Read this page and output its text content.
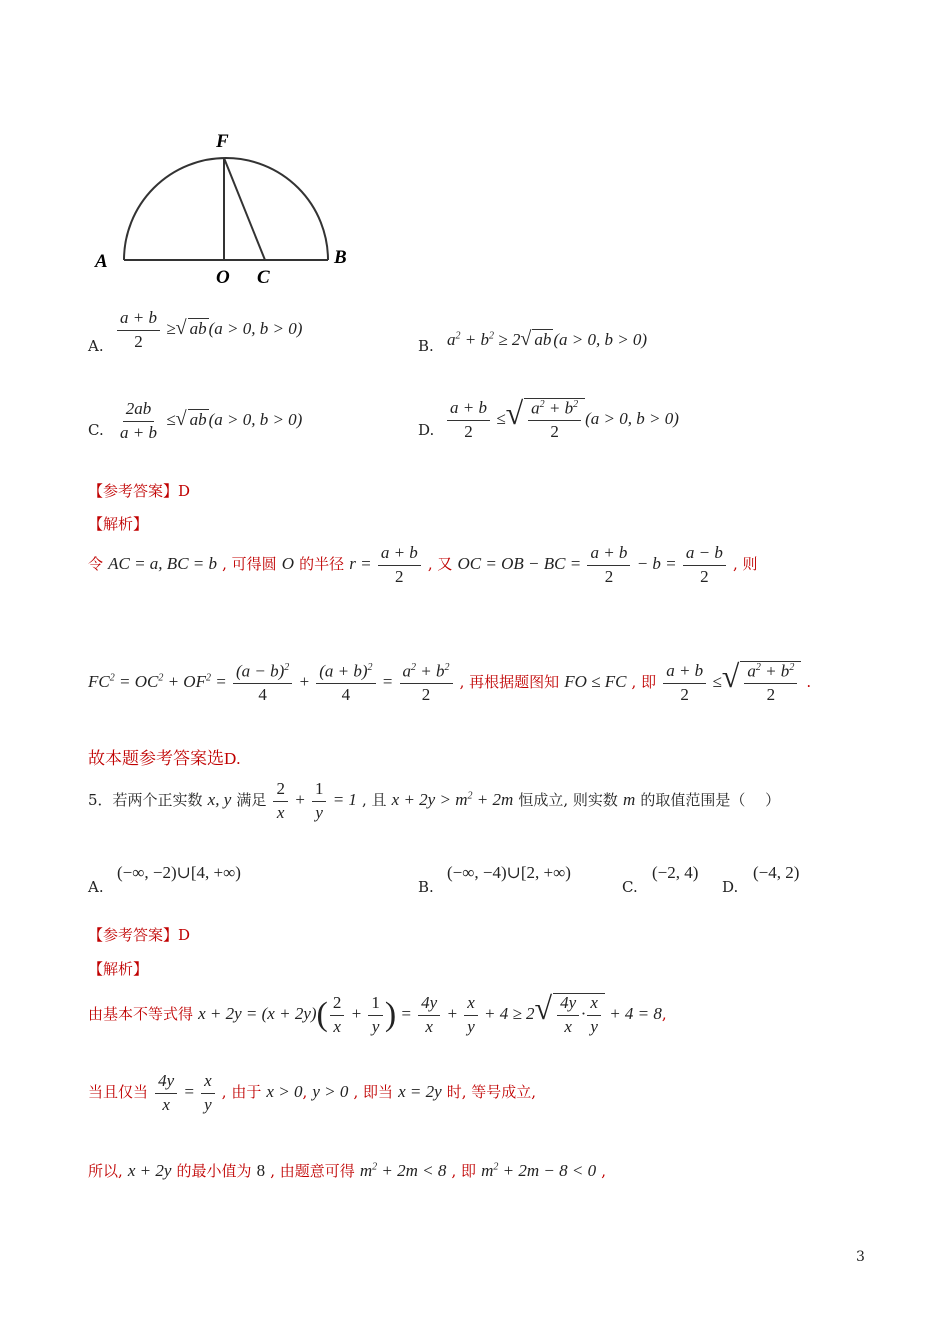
F
A
O C
B
A. $\frac{a + b}{2}$ ≥√ ab (a > 0, b > 0)
B. $a^2 + b^2 \ge 2√$ ab (a > 0, b > 0)
C. $\frac{2ab}{a + b}$ ≤√ ab (a > 0, b > 0)
D. $\frac{a + b}{2}$ ≤√ $\frac{a^2 + b^2}{2} (a > 0$, b > 0)
【参考答案】D
【解析】
令 AC = a, BC = b , 可得圆 O 的半径 $r = \frac{a + b}{2}$ , 又 OC = OB − BC = $\frac{a + b}{2} - b = \frac{a - b}{2}$ , 则
$FC^2 = OC^2 + OF^2 = \frac{(a - b)^2}{4} + \frac{(a + b)^2}{4} = \frac{a^2 + b^2}{2}$ , 再根据题图知 FO ≤ FC , 即 $\frac{a + b}{2}$ ≤√ $\frac{a^2 + b^2}{2}$ .
故本题参考答案选D.
5．若两个正实数 x, y 满足 $\frac{2}{x} + \frac{1}{y} = 1$ , 且 $x + 2y > m^2 + 2m$ 恒成立, 则实数 m 的取值范围是（　 ）
A.
(−∞, −2)∪[4, +∞)
B.
(−∞, −4)∪[2, +∞)
C.
(−2, 4)
D.
(−4, 2)
【参考答案】D
【解析】
由基本不等式得 $x + 2y = (x + 2y)( \frac{2}{x} + \frac{1}{y}$ ) = $\frac{4y}{x} + \frac{x}{y} + 4 \ge 2√ \frac{4y}{x} \cdot \frac{x}{y} + 4 = 8$,
当且仅当 $\frac{4y}{x} = \frac{x}{y}$ , 由于 x > 0, y > 0 , 即当 x = 2y 时, 等号成立,
所以, x + 2y 的最小值为 8 , 由题意可得 $m^2 + 2m < 8$ , 即 $m^2 + 2m - 8 < 0$ ,
3
